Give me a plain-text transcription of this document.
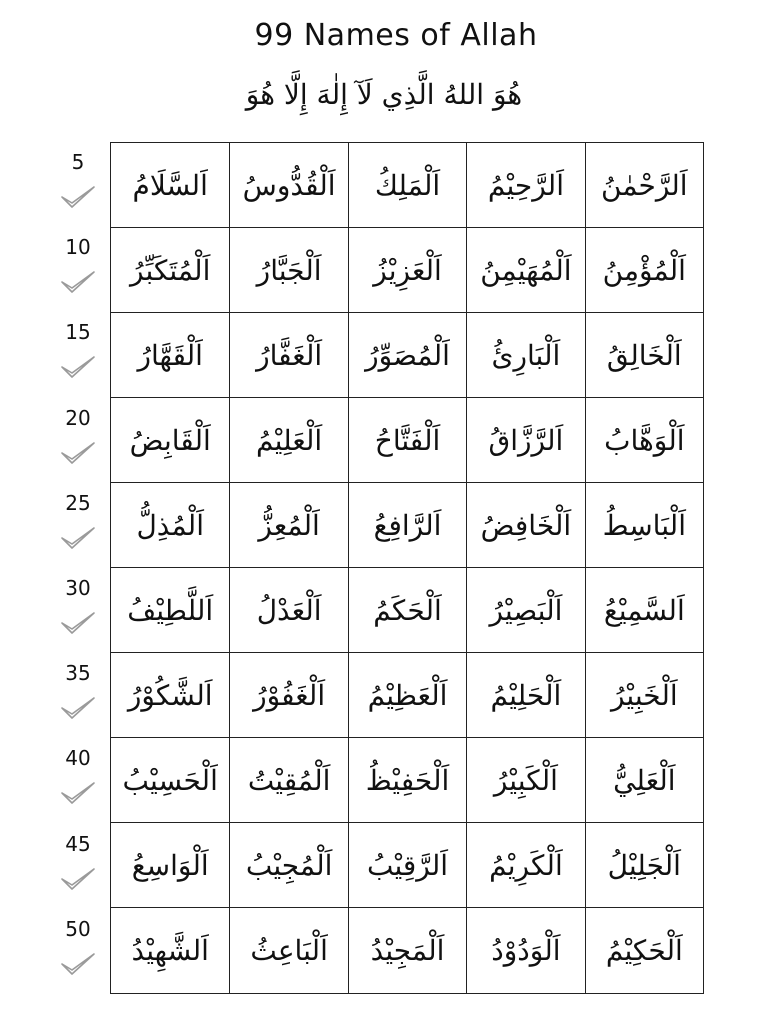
99 Names of Allah
هُوَ اللهُ الَّذِي لَآ إِلٰهَ إِلَّا هُوَ
5
10
15
20
25
30
35
40
45
50
اَلرَّحْمٰنُ
اَلرَّحِيْمُ
اَلْمَلِكُ
اَلْقُدُّوسُ
اَلسَّلَامُ
اَلْمُؤْمِنُ
اَلْمُهَيْمِنُ
اَلْعَزِيْزُ
اَلْجَبَّارُ
اَلْمُتَكَبِّرُ
اَلْخَالِقُ
اَلْبَارِئُ
اَلْمُصَوِّرُ
اَلْغَفَّارُ
اَلْقَهَّارُ
اَلْوَهَّابُ
اَلرَّزَّاقُ
اَلْفَتَّاحُ
اَلْعَلِيْمُ
اَلْقَابِضُ
اَلْبَاسِطُ
اَلْخَافِضُ
اَلرَّافِعُ
اَلْمُعِزُّ
اَلْمُذِلُّ
اَلسَّمِيْعُ
اَلْبَصِيْرُ
اَلْحَكَمُ
اَلْعَدْلُ
اَللَّطِيْفُ
اَلْخَبِيْرُ
اَلْحَلِيْمُ
اَلْعَظِيْمُ
اَلْغَفُوْرُ
اَلشَّكُوْرُ
اَلْعَلِيُّ
اَلْكَبِيْرُ
اَلْحَفِيْظُ
اَلْمُقِيْتُ
اَلْحَسِيْبُ
اَلْجَلِيْلُ
اَلْكَرِيْمُ
اَلرَّقِيْبُ
اَلْمُجِيْبُ
اَلْوَاسِعُ
اَلْحَكِيْمُ
اَلْوَدُوْدُ
اَلْمَجِيْدُ
اَلْبَاعِثُ
اَلشَّهِيْدُ
